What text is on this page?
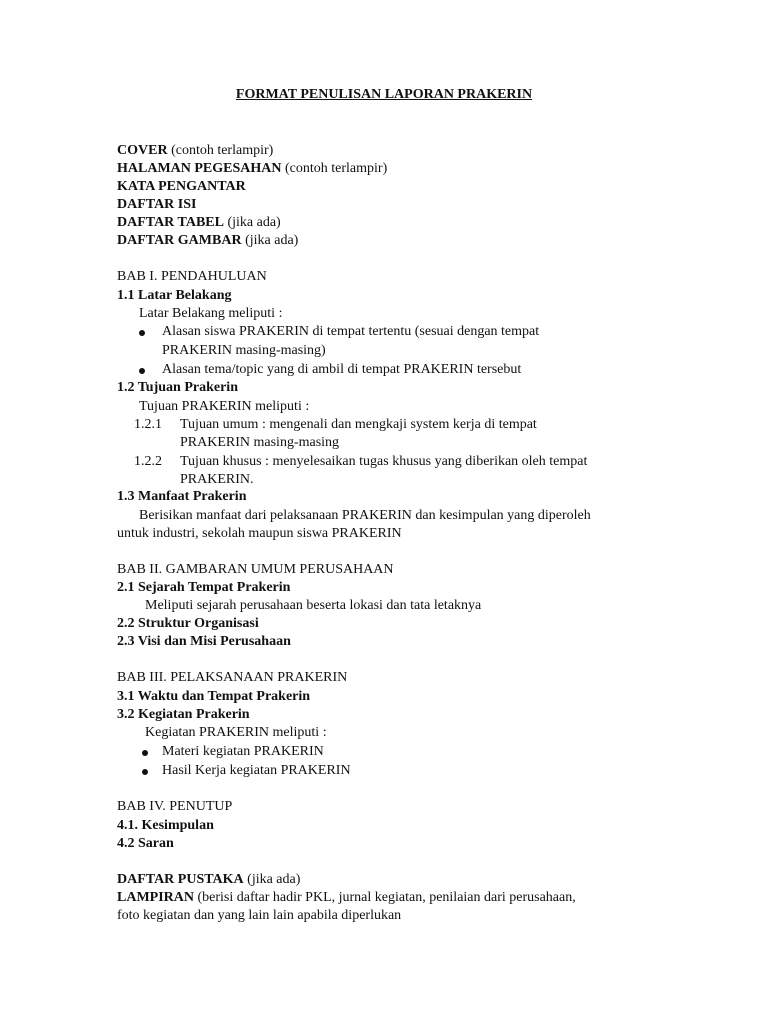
FORMAT PENULISAN LAPORAN PRAKERIN
COVER (contoh terlampir)
HALAMAN PEGESAHAN (contoh terlampir)
KATA PENGANTAR
DAFTAR ISI
DAFTAR TABEL (jika ada)
DAFTAR GAMBAR (jika ada)
BAB I. PENDAHULUAN
1.1 Latar Belakang
Latar Belakang meliputi :
Alasan siswa PRAKERIN di tempat tertentu (sesuai dengan tempat
PRAKERIN masing-masing)
Alasan tema/topic yang di ambil di tempat PRAKERIN tersebut
1.2 Tujuan Prakerin
Tujuan PRAKERIN meliputi :
1.2.1 Tujuan umum : mengenali dan mengkaji system kerja di tempat
PRAKERIN masing-masing
1.2.2 Tujuan khusus : menyelesaikan tugas khusus yang diberikan oleh tempat
PRAKERIN.
1.3 Manfaat Prakerin
Berisikan manfaat dari pelaksanaan PRAKERIN dan kesimpulan yang diperoleh
untuk industri, sekolah maupun siswa PRAKERIN
BAB II. GAMBARAN UMUM PERUSAHAAN
2.1 Sejarah Tempat Prakerin
Meliputi sejarah perusahaan beserta lokasi dan tata letaknya
2.2 Struktur Organisasi
2.3 Visi dan Misi Perusahaan
BAB III. PELAKSANAAN PRAKERIN
3.1 Waktu dan Tempat Prakerin
3.2 Kegiatan Prakerin
Kegiatan PRAKERIN meliputi :
Materi kegiatan PRAKERIN
Hasil Kerja kegiatan PRAKERIN
BAB IV. PENUTUP
4.1. Kesimpulan
4.2 Saran
DAFTAR PUSTAKA (jika ada)
LAMPIRAN (berisi daftar hadir PKL, jurnal kegiatan, penilaian dari perusahaan,
foto kegiatan dan yang lain lain apabila diperlukan
